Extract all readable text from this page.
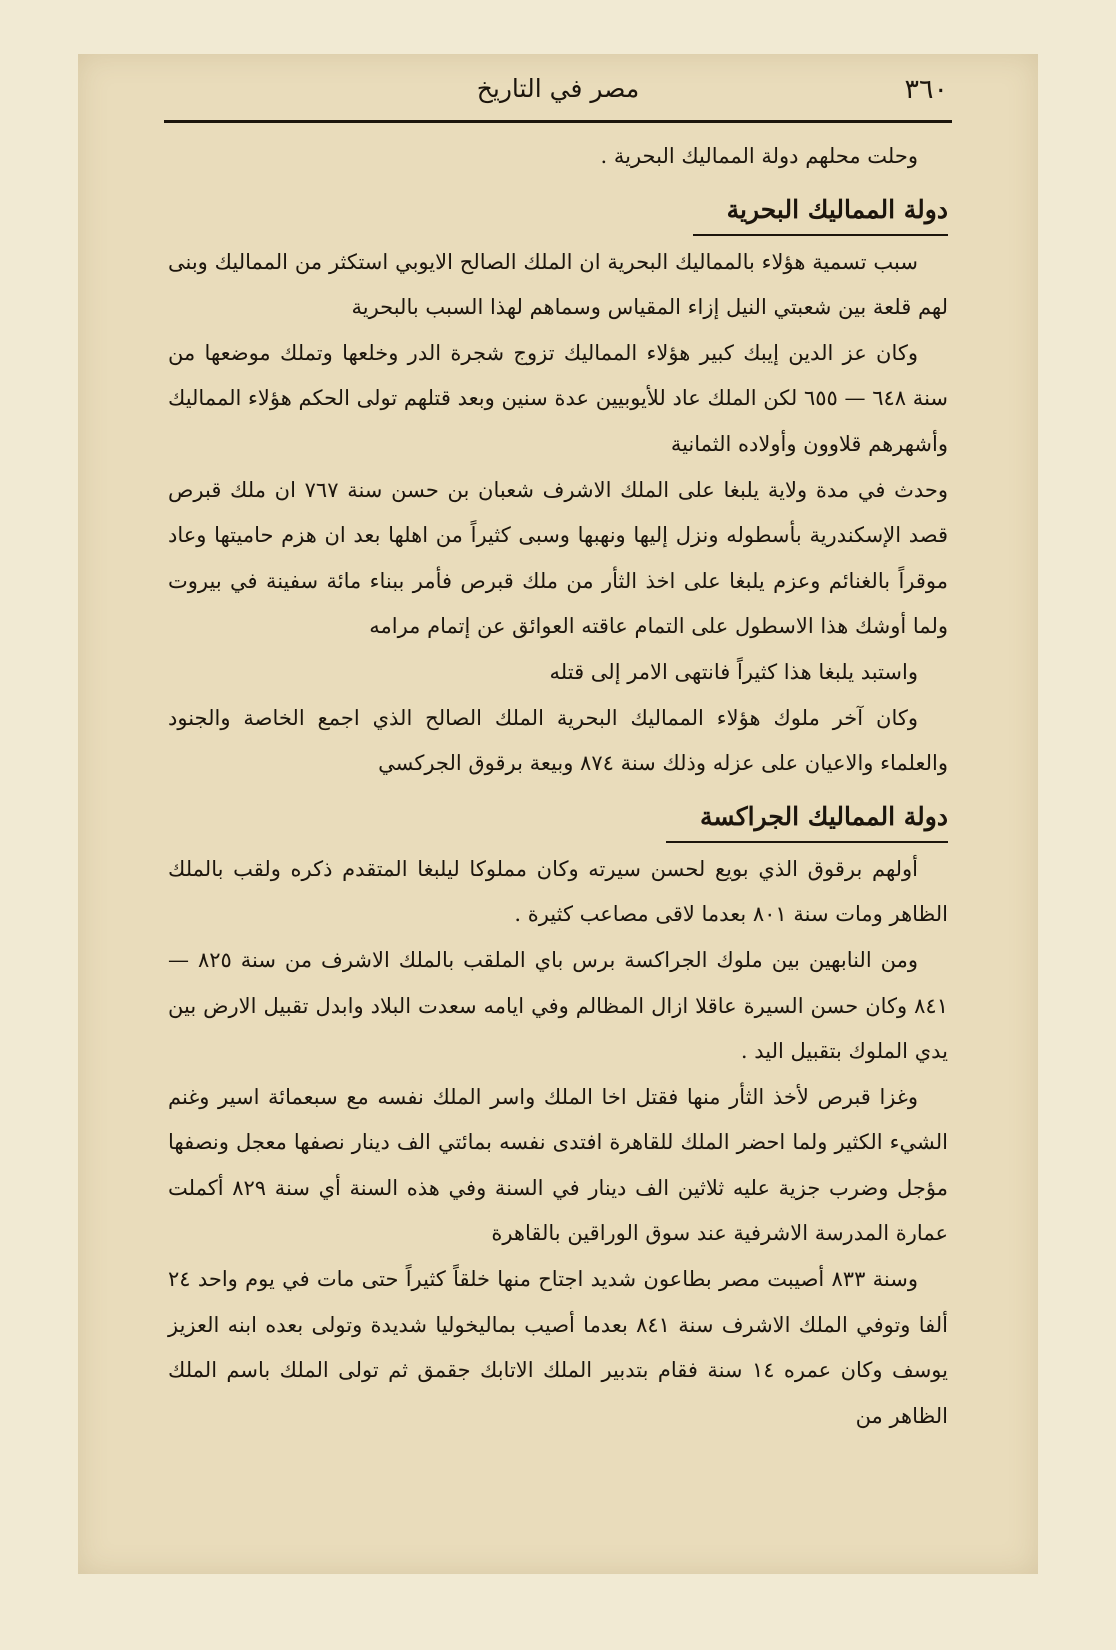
٣٦٠
مصر في التاريخ

وحلت محلهم دولة المماليك البحرية .

دولة المماليك البحرية

سبب تسمية هؤلاء بالمماليك البحرية ان الملك الصالح الايوبي استكثر من المماليك وبنى لهم قلعة بين شعبتي النيل إزاء المقياس وسماهم لهذا السبب بالبحرية

وكان عز الدين إيبك كبير هؤلاء المماليك تزوج شجرة الدر وخلعها وتملك موضعها من سنة ٦٤٨ — ٦٥٥ لكن الملك عاد للأيوبيين عدة سنين وبعد قتلهم تولى الحكم هؤلاء المماليك وأشهرهم قلاوون وأولاده الثمانية

وحدث في مدة ولاية يلبغا على الملك الاشرف شعبان بن حسن سنة ٧٦٧ ان ملك قبرص قصد الإسكندرية بأسطوله ونزل إليها ونهبها وسبى كثيراً من اهلها بعد ان هزم حاميتها وعاد موقراً بالغنائم وعزم يلبغا على اخذ الثأر من ملك قبرص فأمر ببناء مائة سفينة في بيروت ولما أوشك هذا الاسطول على التمام عاقته العوائق عن إتمام مرامه

واستبد يلبغا هذا كثيراً فانتهى الامر إلى قتله

وكان آخر ملوك هؤلاء المماليك البحرية الملك الصالح الذي اجمع الخاصة والجنود والعلماء والاعيان على عزله وذلك سنة ٨٧٤ وبيعة برقوق الجركسي

دولة المماليك الجراكسة

أولهم برقوق الذي بويع لحسن سيرته وكان مملوكا ليلبغا المتقدم ذكره ولقب بالملك الظاهر ومات سنة ٨٠١ بعدما لاقى مصاعب كثيرة .

ومن النابهين بين ملوك الجراكسة برس باي الملقب بالملك الاشرف من سنة ٨٢٥ — ٨٤١ وكان حسن السيرة عاقلا ازال المظالم وفي ايامه سعدت البلاد وابدل تقبيل الارض بين يدي الملوك بتقبيل اليد .

وغزا قبرص لأخذ الثأر منها فقتل اخا الملك واسر الملك نفسه مع سبعمائة اسير وغنم الشيء الكثير ولما احضر الملك للقاهرة افتدى نفسه بمائتي الف دينار نصفها معجل ونصفها مؤجل وضرب جزية عليه ثلاثين الف دينار في السنة وفي هذه السنة أي سنة ٨٢٩ أكملت عمارة المدرسة الاشرفية عند سوق الوراقين بالقاهرة

وسنة ٨٣٣ أصيبت مصر بطاعون شديد اجتاح منها خلقاً كثيراً حتى مات في يوم واحد ٢٤ ألفا وتوفي الملك الاشرف سنة ٨٤١ بعدما أصيب بماليخوليا شديدة وتولى بعده ابنه العزيز يوسف وكان عمره ١٤ سنة فقام بتدبير الملك الاتابك جقمق ثم تولى الملك باسم الملك الظاهر من
